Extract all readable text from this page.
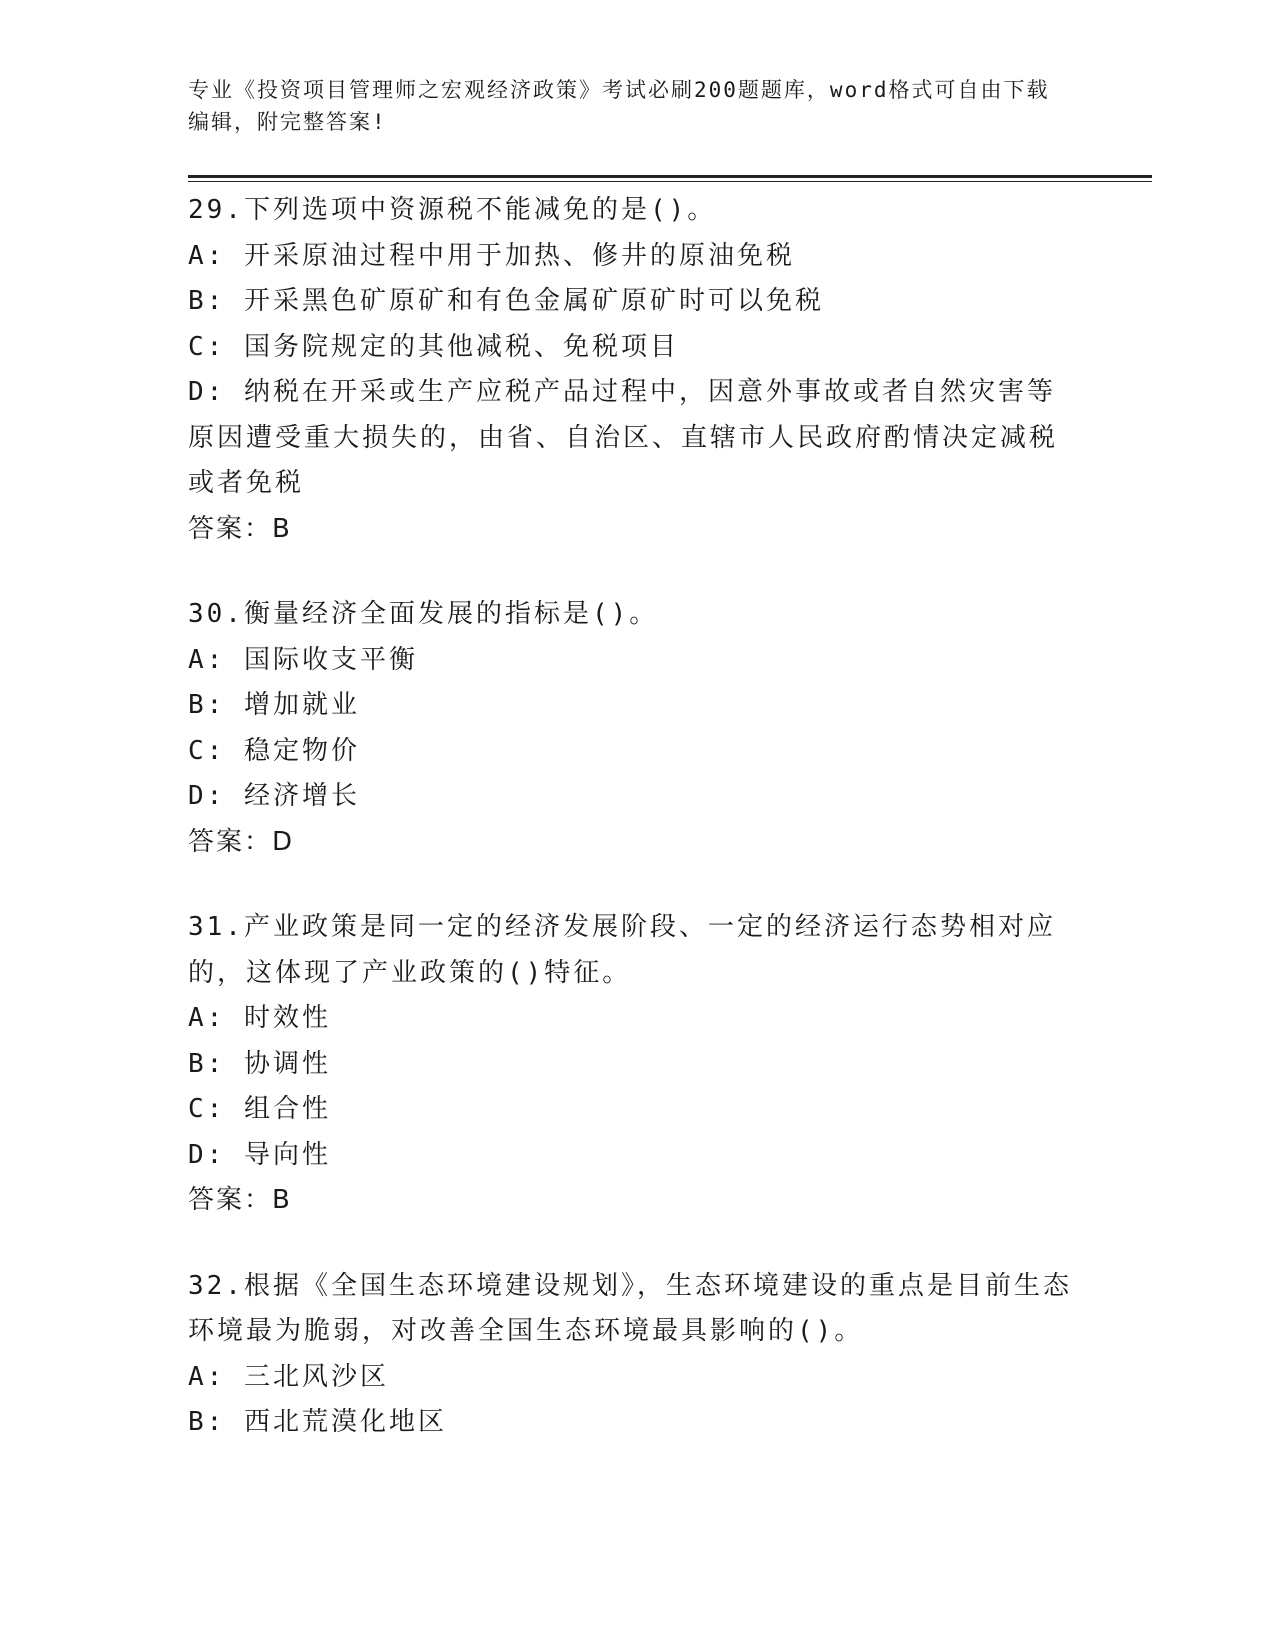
专业《投资项目管理师之宏观经济政策》考试必刷200题题库，word格式可自由下载编辑，附完整答案!
29.下列选项中资源税不能减免的是()。
A: 开采原油过程中用于加热、修井的原油免税
B: 开采黑色矿原矿和有色金属矿原矿时可以免税
C: 国务院规定的其他减税、免税项目
D: 纳税在开采或生产应税产品过程中，因意外事故或者自然灾害等原因遭受重大损失的，由省、自治区、直辖市人民政府酌情决定减税或者免税
答案：B
30.衡量经济全面发展的指标是()。
A: 国际收支平衡
B: 增加就业
C: 稳定物价
D: 经济增长
答案：D
31.产业政策是同一定的经济发展阶段、一定的经济运行态势相对应的，这体现了产业政策的()特征。
A: 时效性
B: 协调性
C: 组合性
D: 导向性
答案：B
32.根据《全国生态环境建设规划》，生态环境建设的重点是目前生态环境最为脆弱，对改善全国生态环境最具影响的()。
A: 三北风沙区
B: 西北荒漠化地区
